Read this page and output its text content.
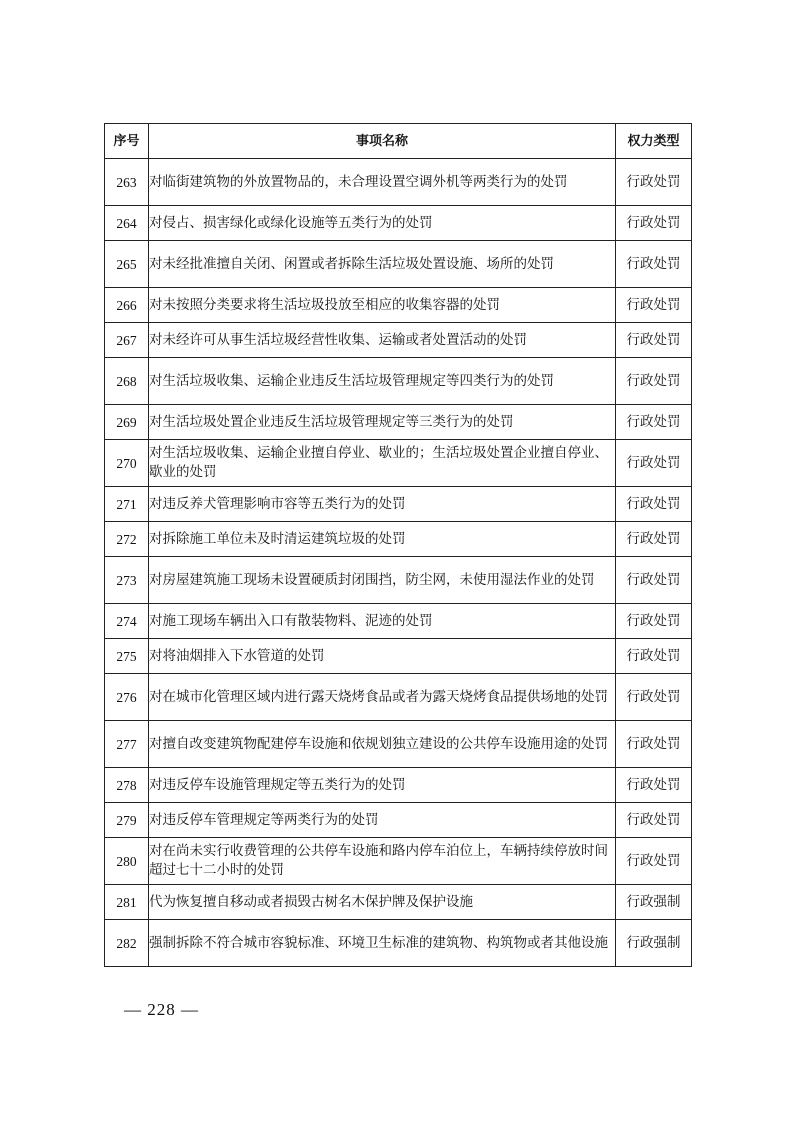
序号	事项名称	权力类型
263	对临街建筑物的外放置物品的，未合理设置空调外机等两类行为的处罚	行政处罚
264	对侵占、损害绿化或绿化设施等五类行为的处罚	行政处罚
265	对未经批准擅自关闭、闲置或者拆除生活垃圾处置设施、场所的处罚	行政处罚
266	对未按照分类要求将生活垃圾投放至相应的收集容器的处罚	行政处罚
267	对未经许可从事生活垃圾经营性收集、运输或者处置活动的处罚	行政处罚
268	对生活垃圾收集、运输企业违反生活垃圾管理规定等四类行为的处罚	行政处罚
269	对生活垃圾处置企业违反生活垃圾管理规定等三类行为的处罚	行政处罚
270	对生活垃圾收集、运输企业擅自停业、歇业的；生活垃圾处置企业擅自停业、歇业的处罚	行政处罚
271	对违反养犬管理影响市容等五类行为的处罚	行政处罚
272	对拆除施工单位未及时清运建筑垃圾的处罚	行政处罚
273	对房屋建筑施工现场未设置硬质封闭围挡，防尘网，未使用湿法作业的处罚	行政处罚
274	对施工现场车辆出入口有散装物料、泥迹的处罚	行政处罚
275	对将油烟排入下水管道的处罚	行政处罚
276	对在城市化管理区域内进行露天烧烤食品或者为露天烧烤食品提供场地的处罚	行政处罚
277	对擅自改变建筑物配建停车设施和依规划独立建设的公共停车设施用途的处罚	行政处罚
278	对违反停车设施管理规定等五类行为的处罚	行政处罚
279	对违反停车管理规定等两类行为的处罚	行政处罚
280	对在尚未实行收费管理的公共停车设施和路内停车泊位上，车辆持续停放时间超过七十二小时的处罚	行政处罚
281	代为恢复擅自移动或者损毁古树名木保护牌及保护设施	行政强制
282	强制拆除不符合城市容貌标准、环境卫生标准的建筑物、构筑物或者其他设施	行政强制
— 228 —
